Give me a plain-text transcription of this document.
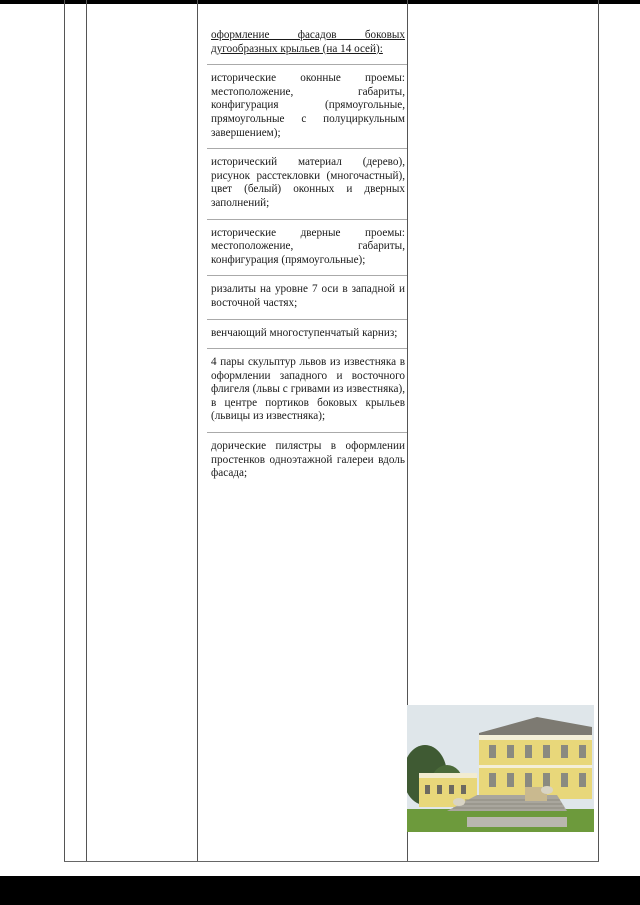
оформление фасадов боковых дугообразных крыльев (на 14 осей):
исторические оконные проемы: местоположение, габариты, конфигурация (прямоугольные, прямоугольные с полуциркульным завершением);
исторический материал (дерево), рисунок расстекловки (многочастный), цвет (белый) оконных и дверных заполнений;
исторические дверные проемы: местоположение, габариты, конфигурация (прямоугольные);
ризалиты на уровне 7 оси в западной и восточной частях;
венчающий многоступенчатый карниз;
4 пары скульптур львов из известняка в оформлении западного и восточного флигеля (львы с гривами из известняка), в центре портиков боковых крыльев (львицы из известняка);
дорические пилястры в оформлении простенков одноэтажной галереи вдоль фасада;
